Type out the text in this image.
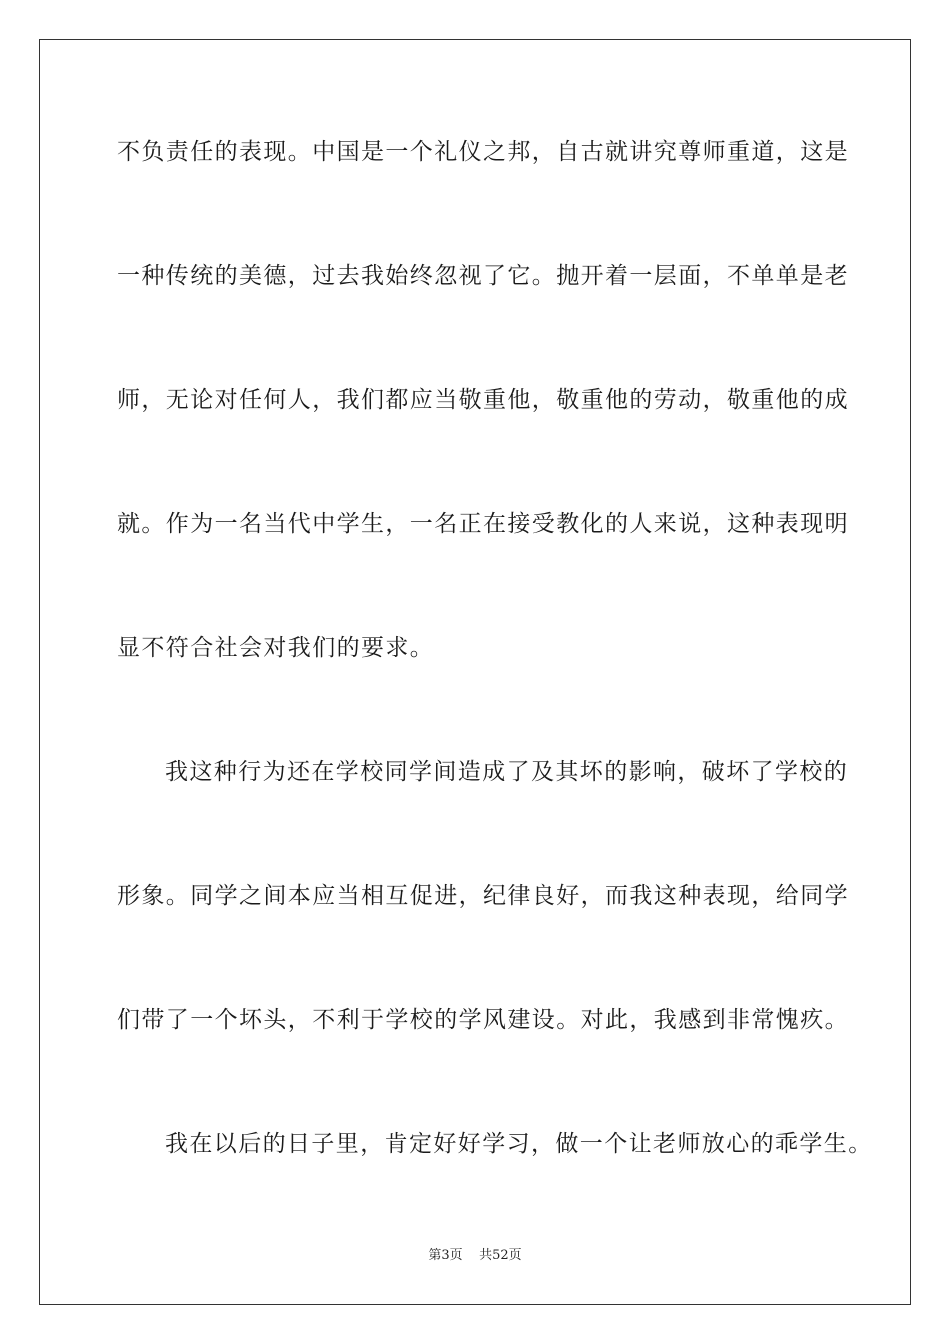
不负责任的表现。中国是一个礼仪之邦，自古就讲究尊师重道，这是
一种传统的美德，过去我始终忽视了它。抛开着一层面，不单单是老
师，无论对任何人，我们都应当敬重他，敬重他的劳动，敬重他的成
就。作为一名当代中学生，一名正在接受教化的人来说，这种表现明
显不符合社会对我们的要求。
我这种行为还在学校同学间造成了及其坏的影响，破坏了学校的
形象。同学之间本应当相互促进，纪律良好，而我这种表现，给同学
们带了一个坏头，不利于学校的学风建设。对此，我感到非常愧疚。
我在以后的日子里，肯定好好学习，做一个让老师放心的乖学生。
第3页 共52页
